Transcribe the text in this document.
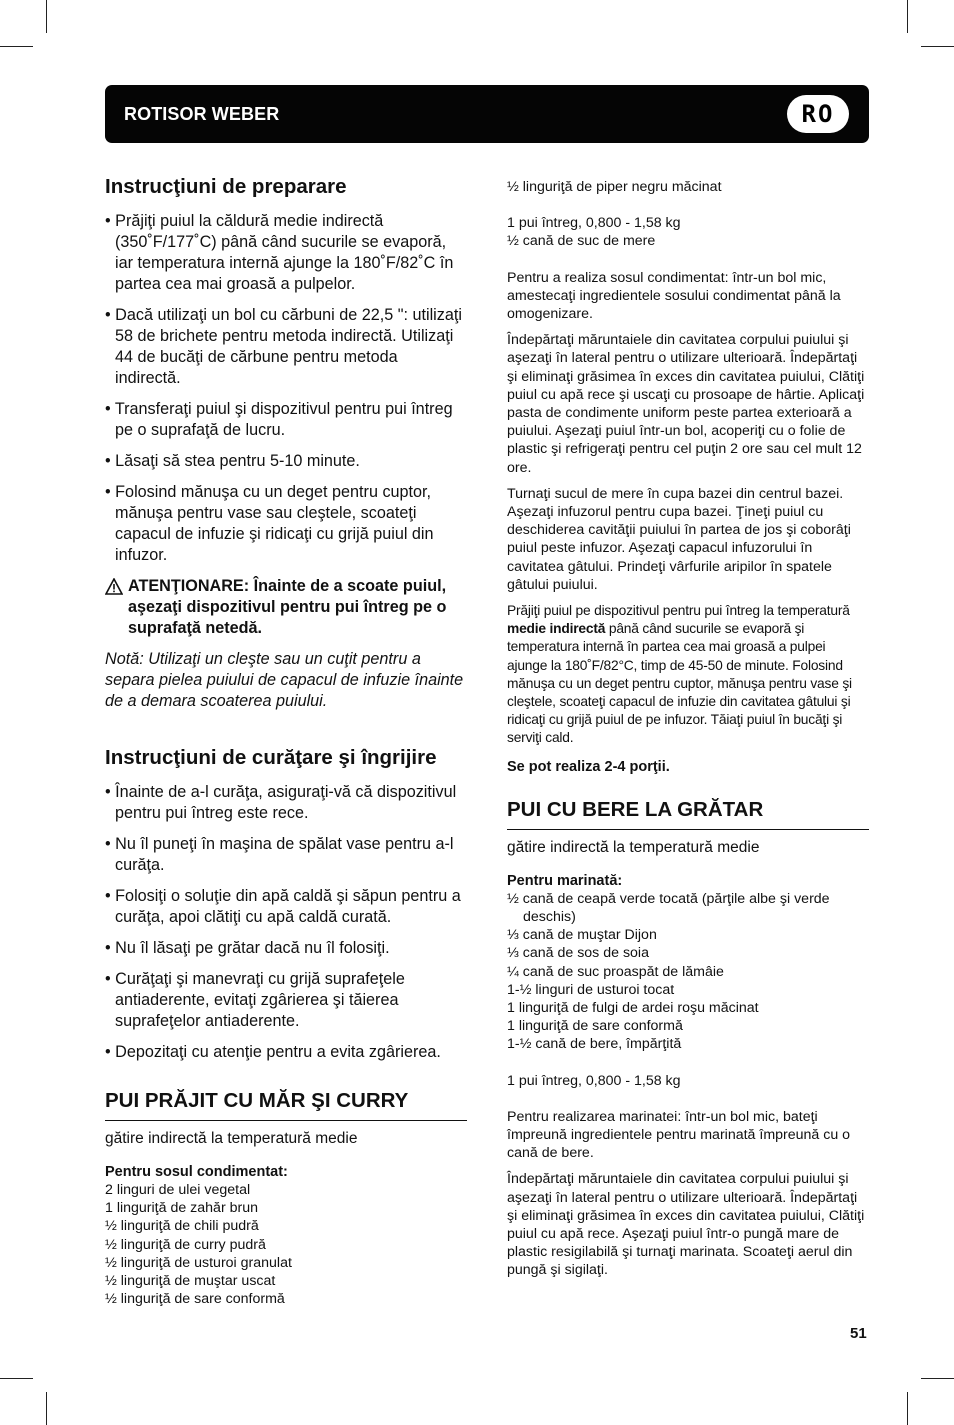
ROTISOR WEBER	RO
Instrucţiuni de preparare
• Prăjiţi puiul la căldură medie indirectă (350˚F/177˚C) până când sucurile se evaporă, iar temperatura internă ajunge la 180˚F/82˚C în partea cea mai groasă a pulpelor.
• Dacă utilizaţi un bol cu cărbuni de 22,5 ": utilizaţi 58 de brichete pentru metoda indirectă. Utilizaţi 44 de bucăţi de cărbune pentru metoda indirectă.
• Transferaţi puiul şi dispozitivul pentru pui întreg pe o suprafaţă de lucru.
• Lăsaţi să stea pentru 5-10 minute.
• Folosind mănuşa cu un deget pentru cuptor, mănuşa pentru vase sau cleştele, scoateţi capacul de infuzie şi ridicaţi cu grijă puiul din infuzor.
ATENŢIONARE: Înainte de a scoate puiul, aşezaţi dispozitivul pentru pui întreg pe o suprafaţă netedă.

Notă: Utilizaţi un cleşte sau un cuţit pentru a separa pielea puiului de capacul de infuzie înainte de a demara scoaterea puiului.

Instrucţiuni de curăţare şi îngrijire
• Înainte de a-l curăţa, asiguraţi-vă că dispozitivul pentru pui întreg este rece.
• Nu îl puneţi în maşina de spălat vase pentru a-l curăţa.
• Folosiţi o soluţie din apă caldă şi săpun pentru a curăţa, apoi clătiţi cu apă caldă curată.
• Nu îl lăsaţi pe grătar dacă nu îl folosiţi.
• Curăţaţi şi manevraţi cu grijă suprafeţele antiaderente, evitaţi zgârierea şi tăierea suprafeţelor antiaderente.
• Depozitaţi cu atenţie pentru a evita zgârierea.
PUI PRĂJIT CU MĂR ŞI CURRY

gătire indirectă la temperatură medie

Pentru sosul condimentat:
2 linguri de ulei vegetal
1 linguriţă de zahăr brun
½ linguriţă de chili pudră
½ linguriţă de curry pudră
½ linguriţă de usturoi granulat
½ linguriţă de muştar uscat
½ linguriţă de sare conformă

½ linguriţă de piper negru măcinat

1 pui întreg, 0,800 - 1,58 kg

½ cană de suc de mere

Pentru a realiza sosul condimentat: într-un bol mic, amestecaţi ingredientele sosului condimentat până la omogenizare.

Îndepărtaţi măruntaiele din cavitatea corpului puiului şi aşezaţi în lateral pentru o utilizare ulterioară. Îndepărtaţi şi eliminaţi grăsimea în exces din cavitatea puiului, Clătiţi puiul cu apă rece şi uscaţi cu prosoape de hârtie. Aplicaţi pasta de condimente uniform peste partea exterioară a puiului. Aşezaţi puiul într-un bol, acoperiţi cu o folie de plastic şi refrigeraţi pentru cel puţin 2 ore sau cel mult 12 ore.

Turnaţi sucul de mere în cupa bazei din centrul bazei. Aşezaţi infuzorul pentru cupa bazei. Ţineţi puiul cu deschiderea cavităţii puiului în partea de jos şi coborâţi puiul peste infuzor. Aşezaţi capacul infuzorului în cavitatea gâtului. Prindeţi vârfurile aripilor în spatele gâtului puiului.

Prăjiţi puiul pe dispozitivul pentru pui întreg la temperatură medie indirectă până când sucurile se evaporă şi temperatura internă în partea cea mai groasă a pulpei ajunge la 180˚F/82°C, timp de 45-50 de minute. Folosind mănuşa cu un deget pentru cuptor, mănuşa pentru vase şi cleştele, scoateţi capacul de infuzie din cavitatea gâtului şi ridicaţi cu grijă puiul de pe infuzor. Tăiaţi puiul în bucăţi şi serviţi cald.

Se pot realiza 2-4 porţii.
PUI CU BERE LA GRĂTAR

gătire indirectă la temperatură medie

Pentru marinată:
½ cană de ceapă verde tocată (părţile albe şi verde deschis)
⅓ cană de muştar Dijon
⅓ cană de sos de soia
¼ cană de suc proaspăt de lămâie
1-½ linguri de usturoi tocat
1 linguriţă de fulgi de ardei roşu măcinat
1 linguriţă de sare conformă
1-½ cană de bere, împărţită

1 pui întreg, 0,800 - 1,58 kg

Pentru realizarea marinatei: într-un bol mic, bateţi împreună ingredientele pentru marinată împreună cu o cană de bere.

Îndepărtaţi măruntaiele din cavitatea corpului puiului şi aşezaţi în lateral pentru o utilizare ulterioară. Îndepărtaţi şi eliminaţi grăsimea în exces din cavitatea puiului, Clătiţi puiul cu apă rece. Aşezaţi puiul într-o pungă mare de plastic resigilabilă şi turnaţi marinata. Scoateţi aerul din pungă şi sigilaţi.

51
